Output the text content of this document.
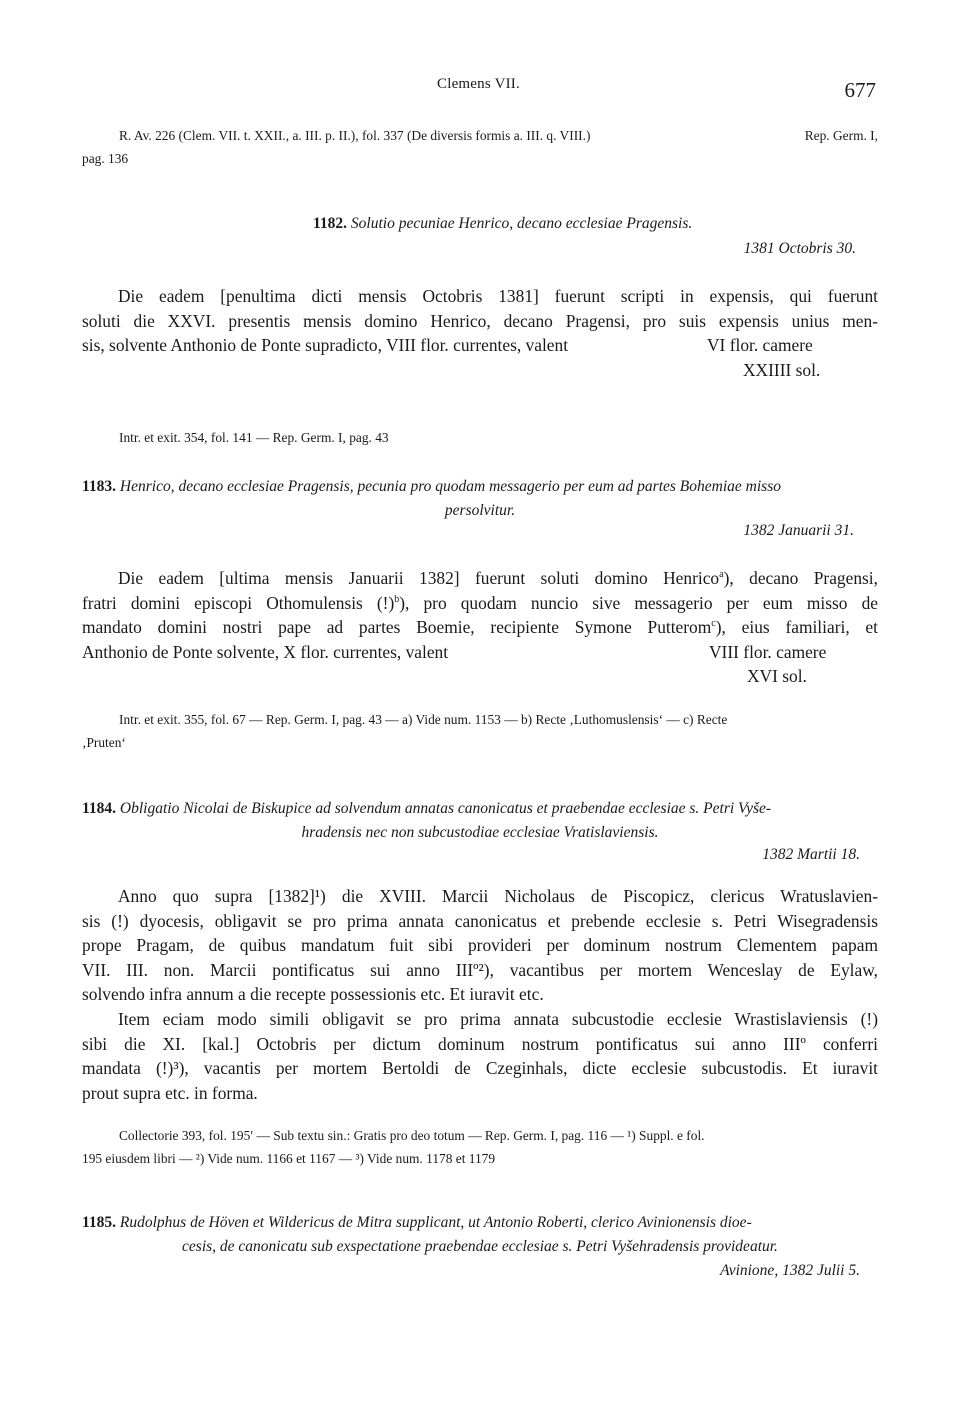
Clemens VII.	677
R. Av. 226 (Clem. VII. t. XXII., a. III. p. II.), fol. 337 (De diversis formis a. III. q. VIII.)	Rep. Germ. I,
pag. 136
1182. Solutio pecuniae Henrico, decano ecclesiae Pragensis.
1381 Octobris 30.
Die eadem [penultima dicti mensis Octobris 1381] fuerunt scripti in expensis, qui fuerunt
soluti die XXVI. presentis mensis domino Henrico, decano Pragensi, pro suis expensis unius men-
sis, solvente Anthonio de Ponte supradicto, VIII flor. currentes, valent	VI flor. camere
XXIIII sol.
Intr. et exit. 354, fol. 141 — Rep. Germ. I, pag. 43
1183. Henrico, decano ecclesiae Pragensis, pecunia pro quodam messagerio per eum ad partes Bohemiae misso
persolvitur.
1382 Januarii 31.
Die eadem [ultima mensis Januarii 1382] fuerunt soluti domino Henrico$^a$), decano Pragensi,
fratri domini episcopi Othomulensis (!)$^b$), pro quodam nuncio sive messagerio per eum misso de
mandato domini nostri pape ad partes Boemie, recipiente Symone Putterom$^c$), eius familiari, et
Anthonio de Ponte solvente, X flor. currentes, valent	VIII flor. camere
XVI sol.
Intr. et exit. 355, fol. 67 — Rep. Germ. I, pag. 43 — a) Vide num. 1153 — b) Recte ‚Luthomuslensis‘ — c) Recte
‚Pruten‘
1184. Obligatio Nicolai de Biskupice ad solvendum annatas canonicatus et praebendae ecclesiae s. Petri Vyše-
hradensis nec non subcustodiae ecclesiae Vratislaviensis.
1382 Martii 18.
Anno quo supra [1382]¹) die XVIII. Marcii Nicholaus de Piscopicz, clericus Wratuslavien-
sis (!) dyocesis, obligavit se pro prima annata canonicatus et prebende ecclesie s. Petri Wisegradensis
prope Pragam, de quibus mandatum fuit sibi provideri per dominum nostrum Clementem papam
VII. III. non. Marcii pontificatus sui anno IIIº²), vacantibus per mortem Wenceslay de Eylaw,
solvendo infra annum a die recepte possessionis etc. Et iuravit etc.
Item eciam modo simili obligavit se pro prima annata subcustodie ecclesie Wrastislaviensis (!)
sibi die XI. [kal.] Octobris per dictum dominum nostrum pontificatus sui anno IIIº conferri
mandata (!)³), vacantis per mortem Bertoldi de Czeginhals, dicte ecclesie subcustodis. Et iuravit
prout supra etc. in forma.
Collectorie 393, fol. 195′ — Sub textu sin.: Gratis pro deo totum — Rep. Germ. I, pag. 116 — ¹) Suppl. e fol.
195 eiusdem libri — ²) Vide num. 1166 et 1167 — ³) Vide num. 1178 et 1179
1185. Rudolphus de Höven et Wildericus de Mitra supplicant, ut Antonio Roberti, clerico Avinionensis dioe-
cesis, de canonicatu sub exspectatione praebendae ecclesiae s. Petri Vyšehradensis provideatur.
Avinione, 1382 Julii 5.
